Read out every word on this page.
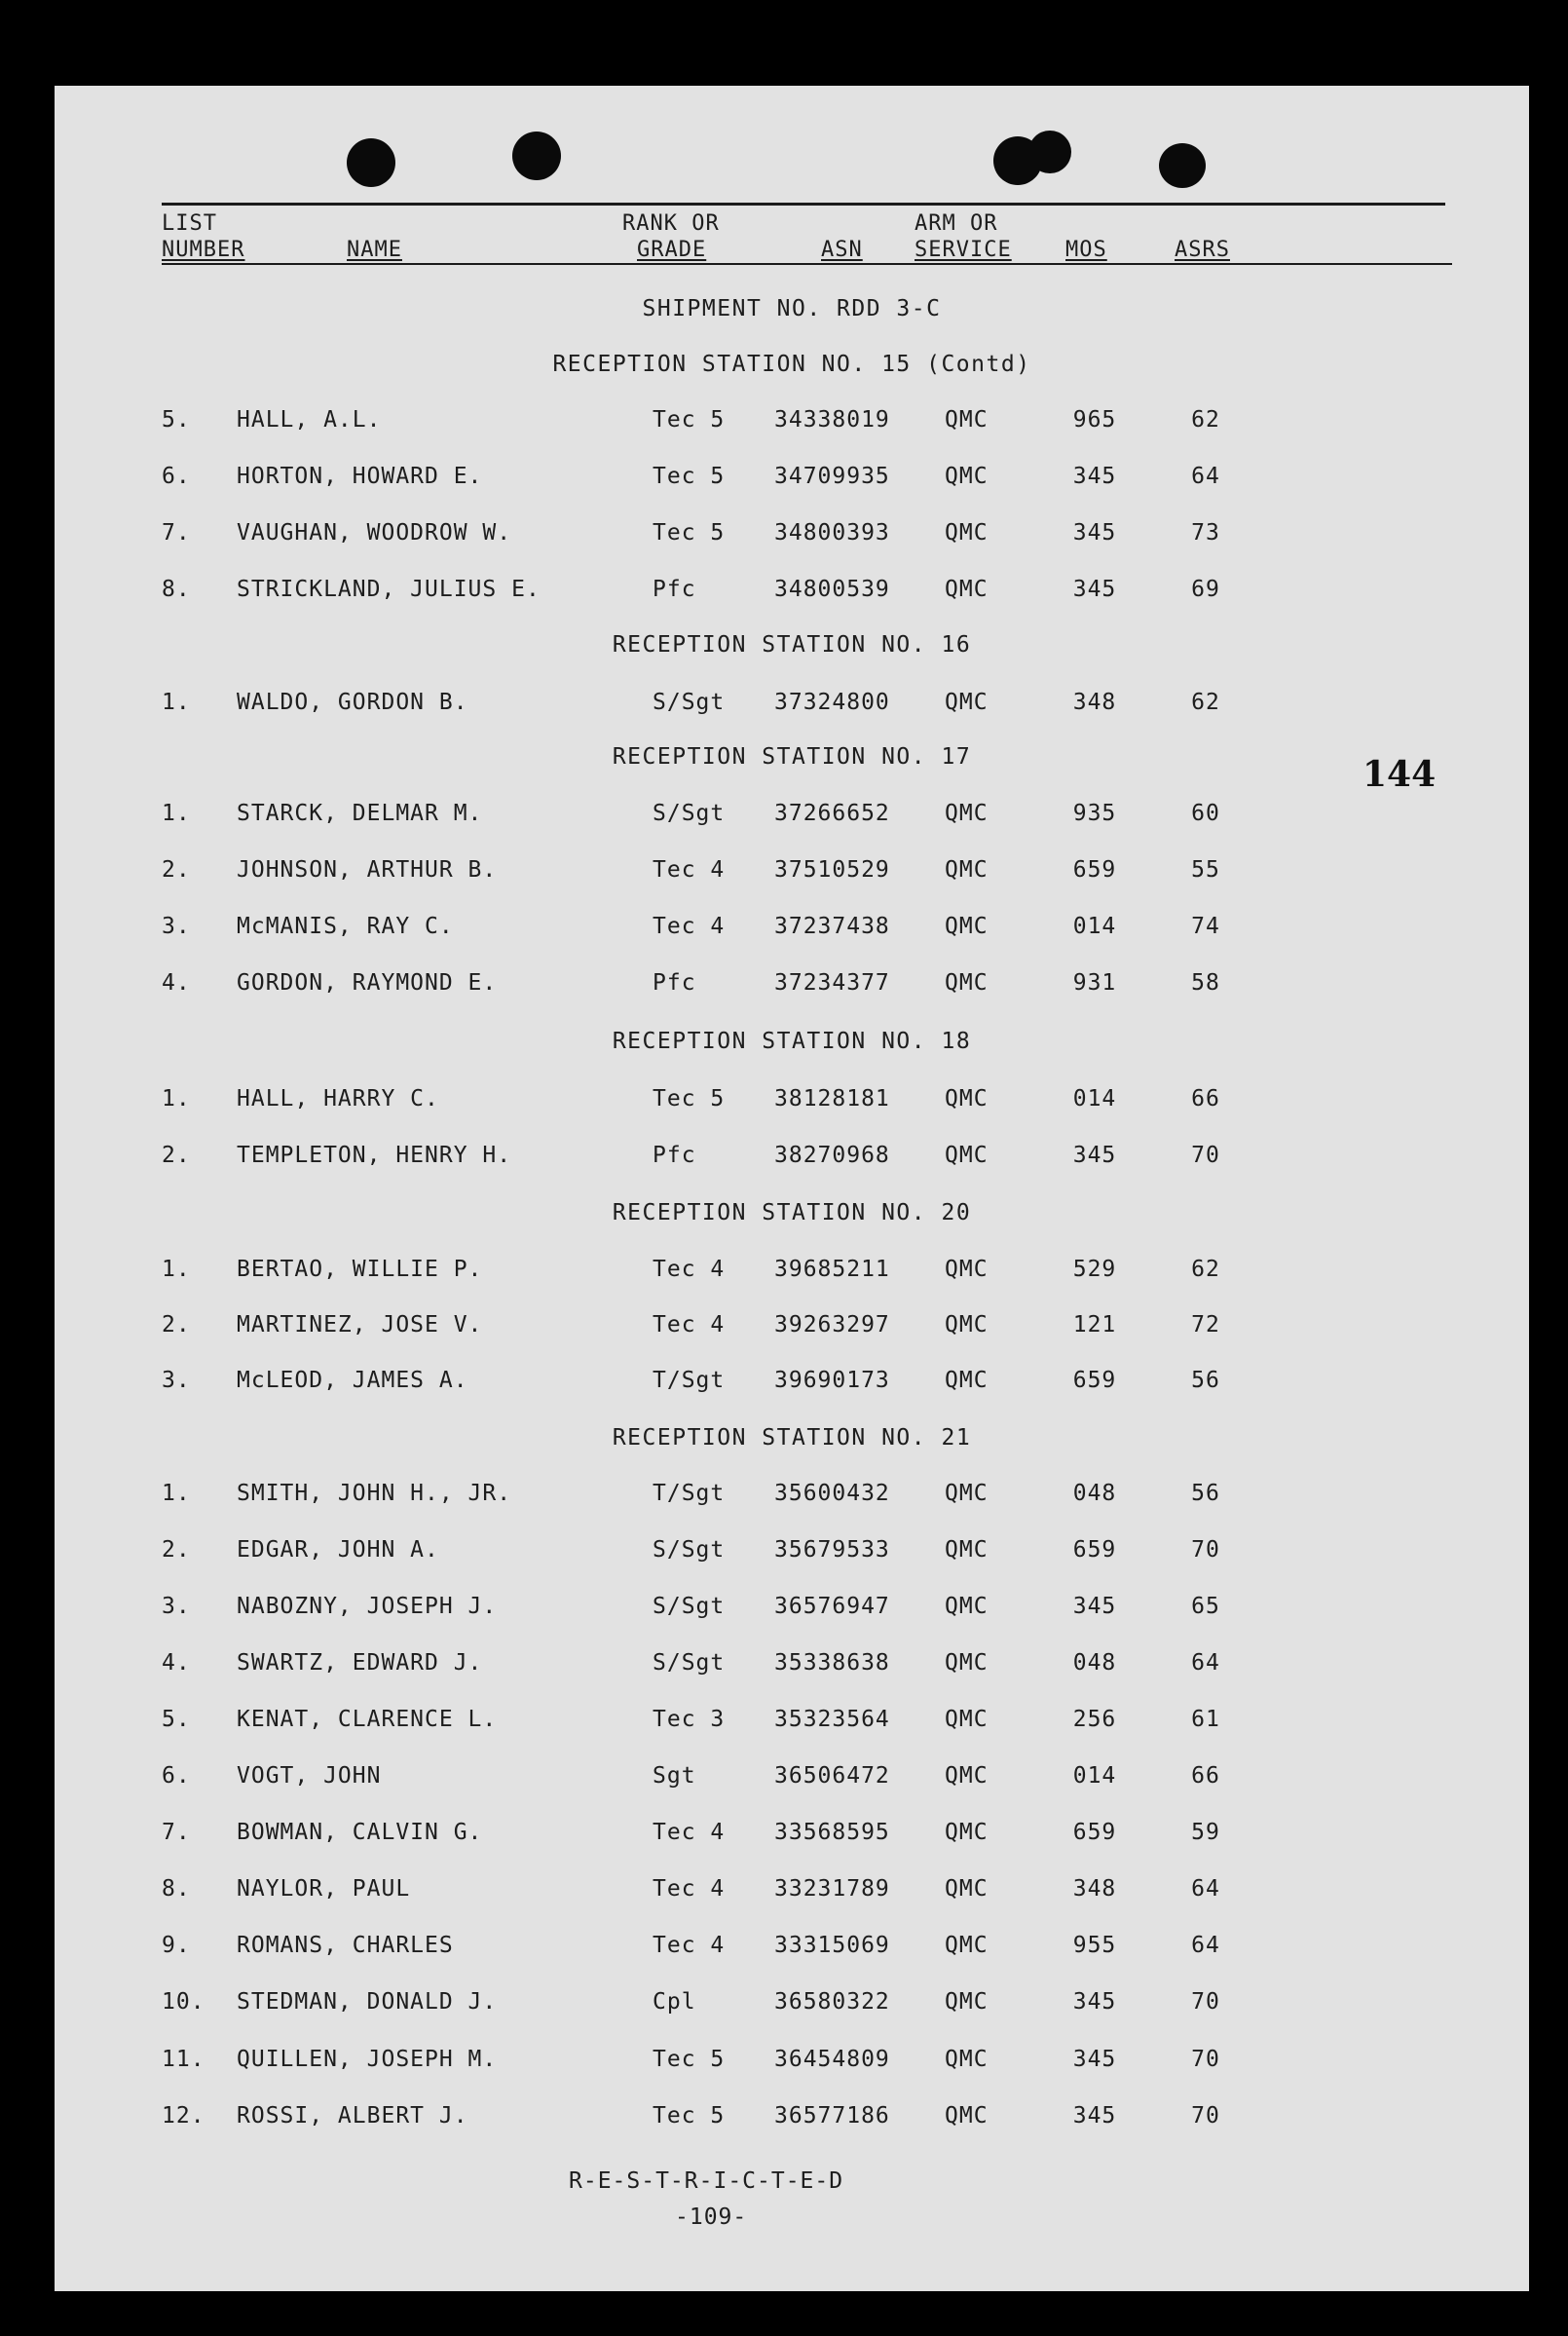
LIST
NUMBER	NAME
RANK OR
GRADE	ASN
ARM OR
SERVICE	MOS	ASRS
SHIPMENT NO. RDD 3-C
144
RECEPTION STATION NO. 15 (Contd)
5. HALL, A.L.	Tec 5 34338019 QMC	965	62
6. HORTON, HOWARD E.	Tec 5 34709935 QMC	345	64
7. VAUGHAN, WOODROW W.	Tec 5 34800393 QMC	345	73
8. STRICKLAND, JULIUS E.	Pfc	34800539 QMC	345	69
RECEPTION STATION NO. 16
1. WALDO, GORDON B.	S/Sgt 37324800 QMC	348	62
RECEPTION STATION NO. 17
1. STARCK, DELMAR M.	S/Sgt 37266652 QMC	935	60
2. JOHNSON, ARTHUR B.	Tec 4 37510529 QMC	659	55
3. McMANIS, RAY C.	Tec 4 37237438 QMC	014	74
4. GORDON, RAYMOND E.	Pfc	37234377 QMC	931	58
RECEPTION STATION NO. 18
1. HALL, HARRY C.	Tec 5 38128181 QMC	014	66
2. TEMPLETON, HENRY H.	Pfc	38270968 QMC	345	70
RECEPTION STATION NO. 20
1. BERTAO, WILLIE P.	Tec 4 39685211 QMC	529	62
2. MARTINEZ, JOSE V.	Tec 4 39263297 QMC	121	72
3. McLEOD, JAMES A.	T/Sgt 39690173 QMC	659	56
RECEPTION STATION NO. 21
1. SMITH, JOHN H., JR.	T/Sgt 35600432 QMC	048	56
2. EDGAR, JOHN A.	S/Sgt 35679533 QMC	659	70
3. NABOZNY, JOSEPH J.	S/Sgt 36576947 QMC	345	65
4. SWARTZ, EDWARD J.	S/Sgt 35338638 QMC	048	64
5. KENAT, CLARENCE L.	Tec 3 35323564 QMC	256	61
6. VOGT, JOHN	Sgt	36506472 QMC	014	66
7. BOWMAN, CALVIN G.	Tec 4 33568595 QMC	659	59
8. NAYLOR, PAUL	Tec 4 33231789 QMC	348	64
9. ROMANS, CHARLES	Tec 4 33315069 QMC	955	64
10. STEDMAN, DONALD J.	Cpl	36580322 QMC	345	70
11. QUILLEN, JOSEPH M.	Tec 5 36454809 QMC	345	70
12. ROSSI, ALBERT J.	Tec 5 36577186 QMC	345	70
R-E-S-T-R-I-C-T-E-D
-109-
